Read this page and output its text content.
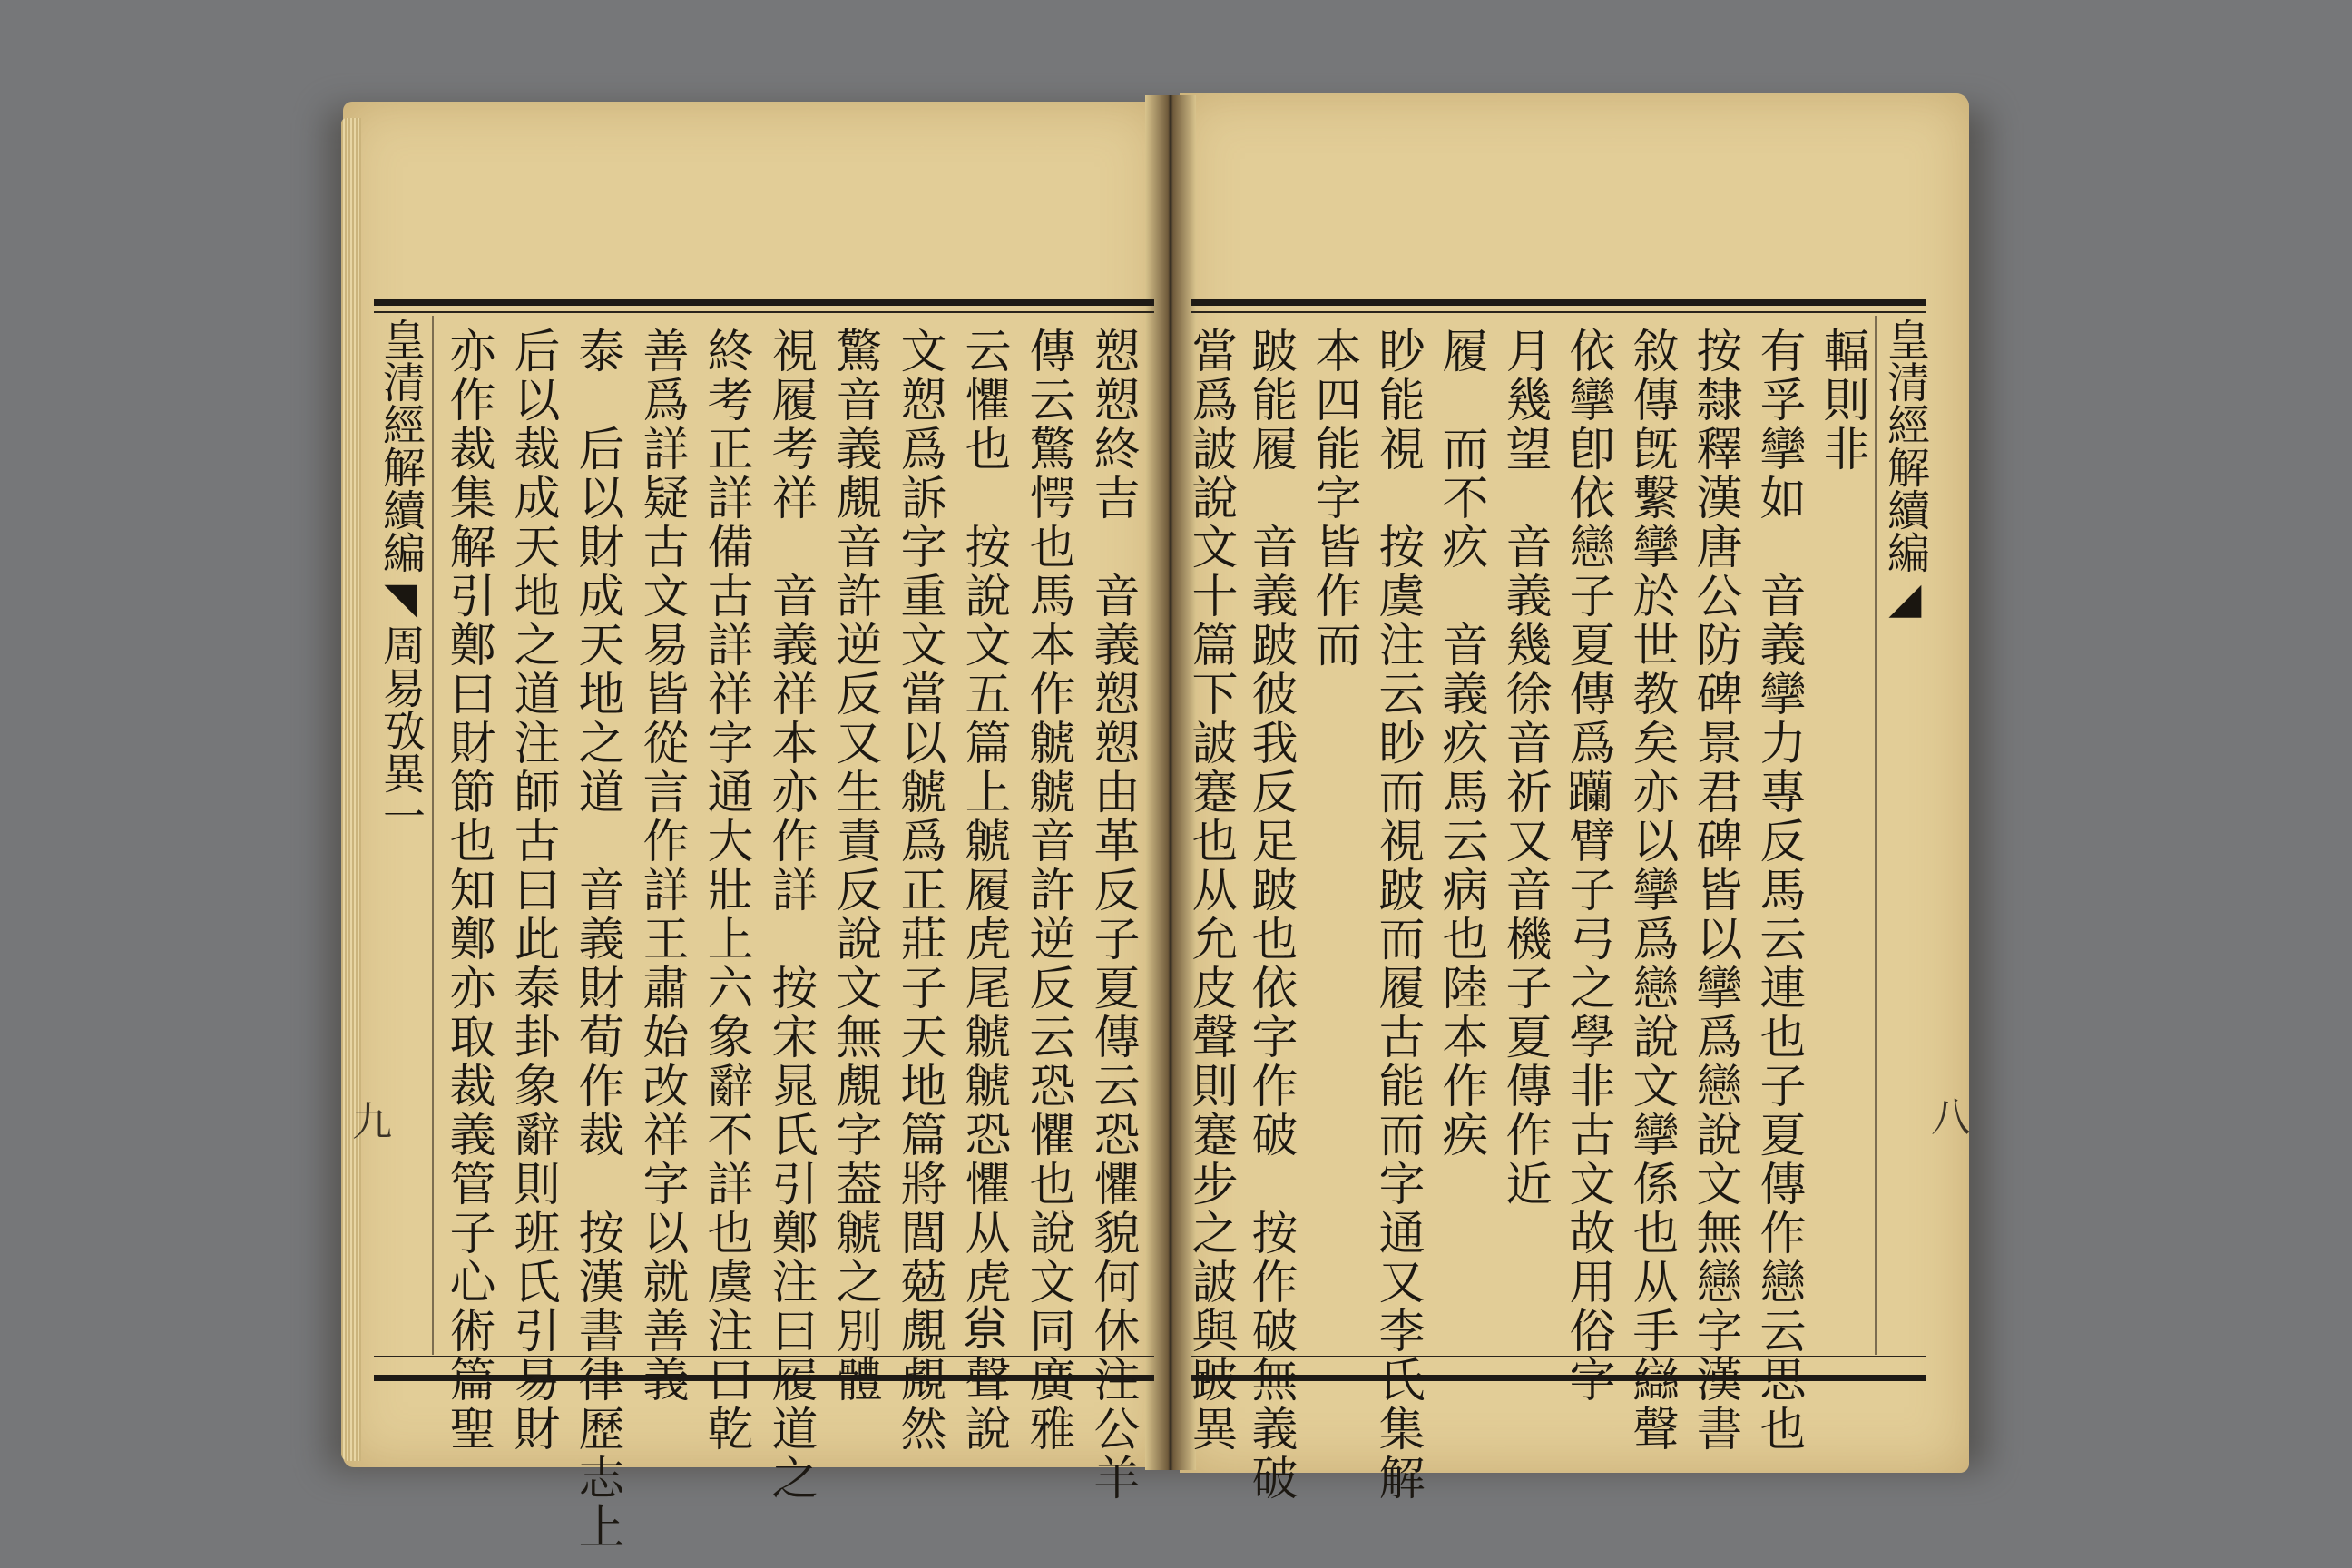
皇清經解續編◥周易攷異一
九
皇清經解續編◢
八
愬愬終吉　音義愬愬由革反子夏傳云恐懼貌何休注公羊
傳云驚愕也馬本作虩虩音許逆反云恐懼也說文同廣雅
云懼也　按說文五篇上虩履虎尾虩虩恐懼从虎𡭴聲說
文愬爲訴字重文當以虩爲正莊子天地篇將閭葂覤覤然
驚音義覤音許逆反又生責反說文無覤字葢虩之別體
視履考祥　音義祥本亦作詳　按宋晁氏引鄭注曰履道之
終考正詳備古詳祥字通大壯上六象辭不詳也虞注曰乾
善爲詳疑古文易皆從言作詳王肅始改祥字以就善義
泰　后以財成天地之道　音義財荀作裁　按漢書律歷志上
后以裁成天地之道注師古曰此泰卦象辭則班氏引易財
亦作裁集解引鄭曰財節也知鄭亦取裁義管子心術篇聖	輻則非
有孚攣如　音義攣力專反馬云連也子夏傳作戀云思也
按隸釋漢唐公防碑景君碑皆以攣爲戀說文無戀字漢書
敘傳旣繫攣於世教矣亦以攣爲戀說文攣係也从手䜌聲
依攣卽依戀子夏傳爲𨈆臂子弓之學非古文故用俗字
月幾望　音義幾徐音祈又音機子夏傳作近
履　而不疚　音義疚馬云病也陸本作疾
眇能視　按虞注云眇而視跛而履古能而字通又李氏集解
本四能字皆作而
跛能履　音義跛彼我反足跛也依字作破　按作破無義破
當爲詖說文十篇下詖蹇也从允皮聲則蹇步之詖與跛異
